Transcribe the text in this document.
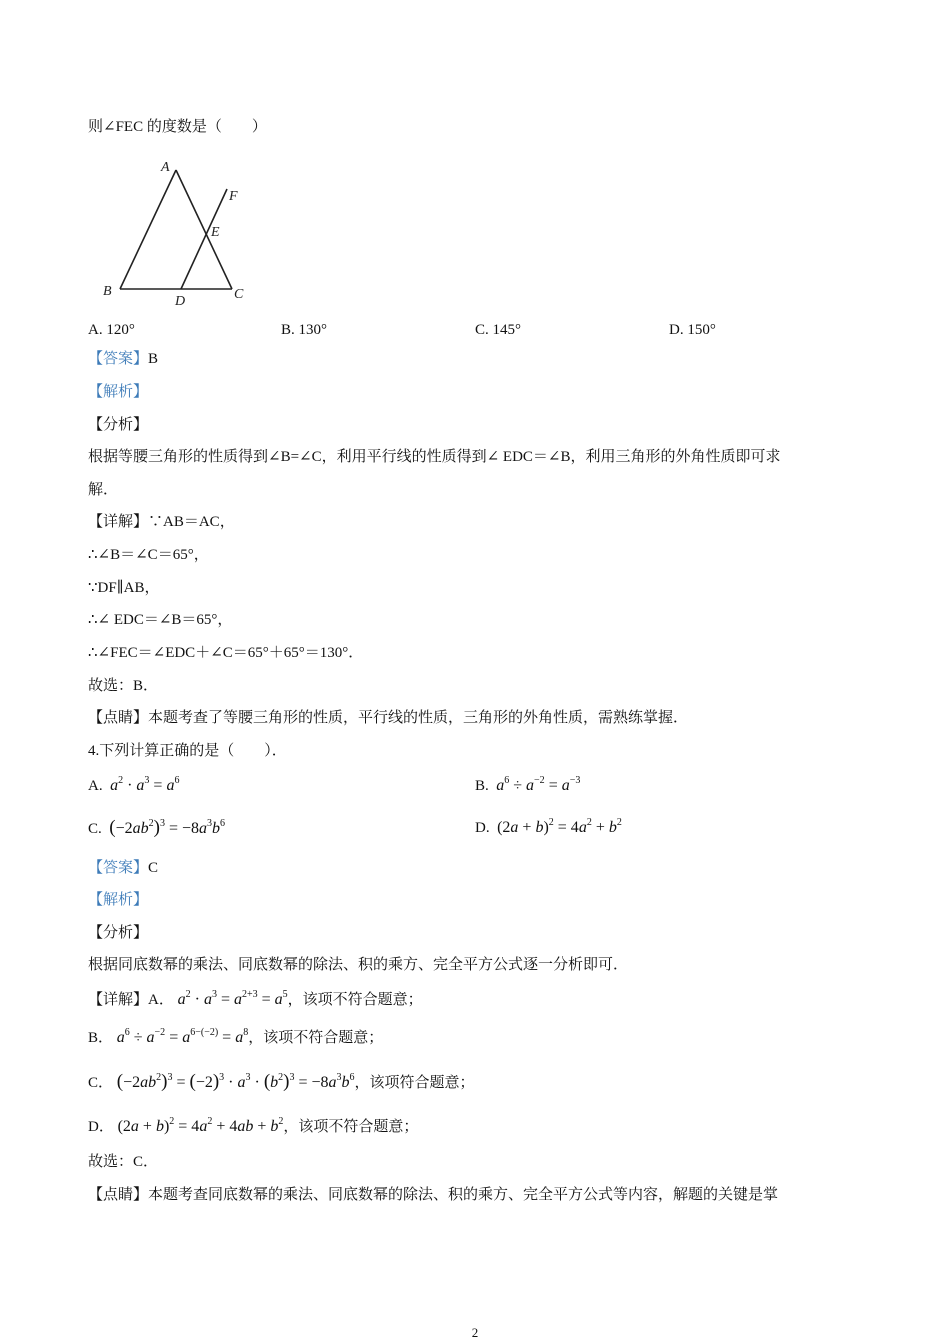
则∠FEC 的度数是（　　）
A
B	C
D
E
F
A. 120°	B. 130°	C. 145°	D. 150°
【答案】B
【解析】
【分析】
根据等腰三角形的性质得到∠B=∠C，利用平行线的性质得到∠ EDC＝∠B，利用三角形的外角性质即可求
解．
【详解】∵AB＝AC，
∴∠B＝∠C＝65°，
∵DF∥AB，
∴∠ EDC＝∠B＝65°，
∴∠FEC＝∠EDC＋∠C＝65°＋65°＝130°．
故选：B．
【点睛】本题考查了等腰三角形的性质，平行线的性质，三角形的外角性质，需熟练掌握．
4.下列计算正确的是（　　）．
A. $a^2 \cdot a^3 = a^6$	B. $a^6 \div a^{-2} = a^{-3}$
C. $(-2ab^2)^3 = -8a^3b^6$	D. $(2a + b)^2 = 4a^2 + b^2$
【答案】C
【解析】
【分析】
根据同底数幂的乘法、同底数幂的除法、积的乘方、完全平方公式逐一分析即可．
【详解】A． $a^2 \cdot a^3 = a^{2+3} = a^5$，该项不符合题意；
B． $a^6 \div a^{-2} = a^{6-(-2)} = a^8$，该项不符合题意；
C． $(-2ab^2)^3 = (-2)^3 \cdot a^3 \cdot (b^2)^3 = -8a^3b^6$，该项符合题意；
D． $(2a + b)^2 = 4a^2 + 4ab + b^2$，该项不符合题意；
故选：C．
【点睛】本题考查同底数幂的乘法、同底数幂的除法、积的乘方、完全平方公式等内容，解题的关键是掌
2
